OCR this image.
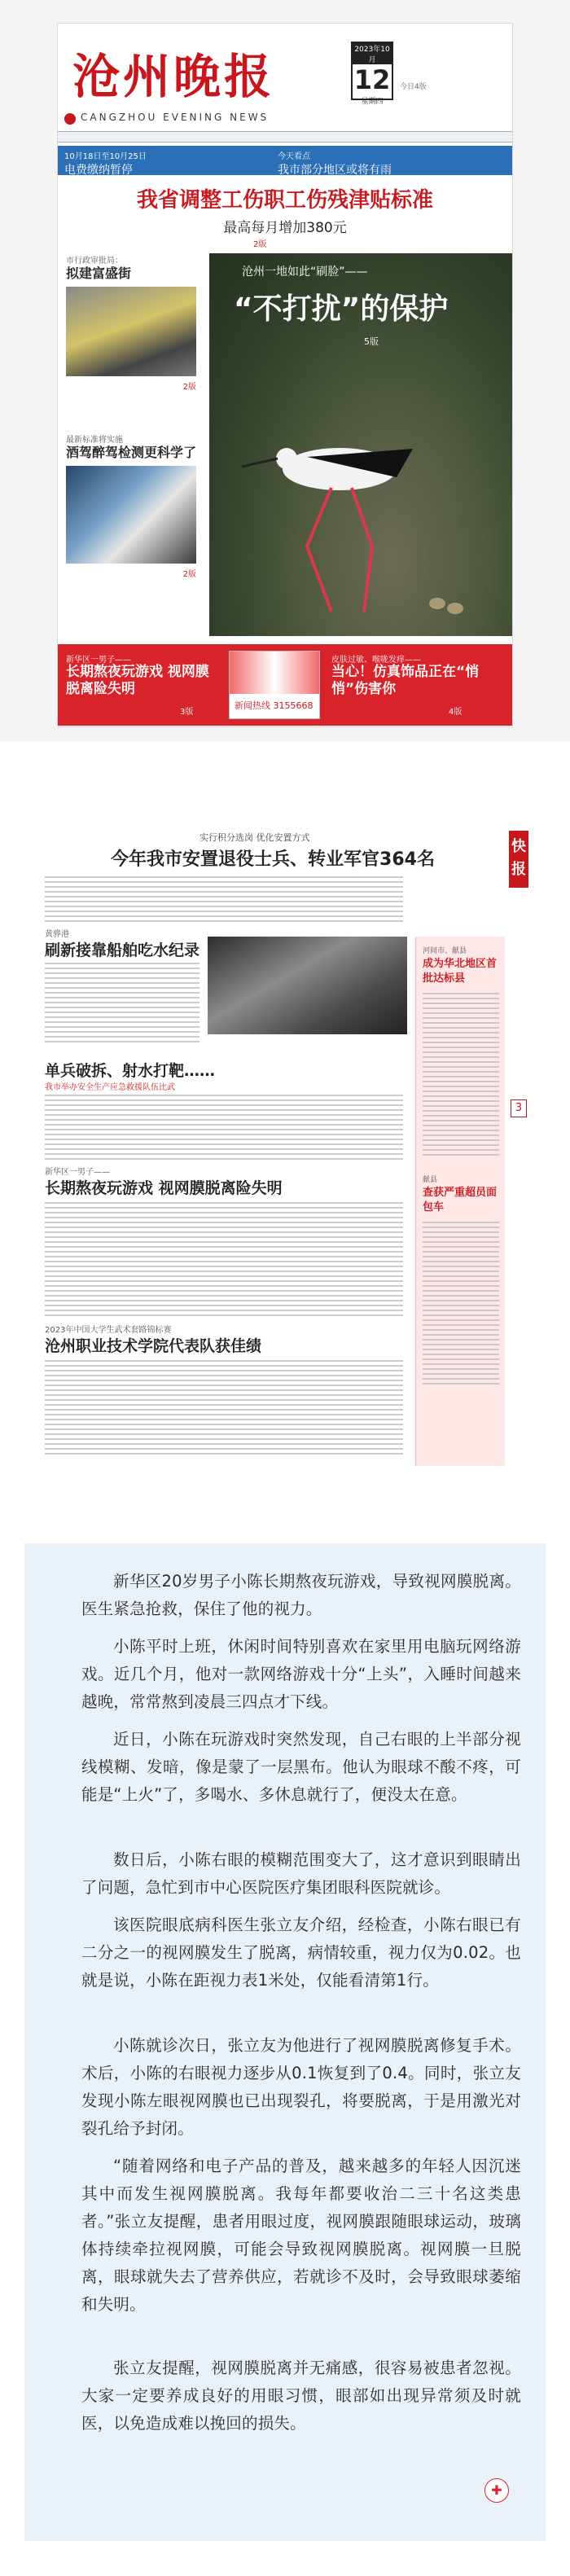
沧州晚报
CANGZHOU EVENING NEWS
2023年10月
12
星期四
今日4版
10月18日至10月25日
电费缴纳暂停
今天看点
我市部分地区或将有雨
我省调整工伤职工伤残津贴标准
最高每月增加380元
2版
市行政审批局：
拟建富盛街
2版
最新标准将实施
酒驾醉驾检测更科学了
2版
沧州一地如此“刷脸”——
“不打扰”的保护
5版
新华区一男子——
长期熬夜玩游戏 视网膜脱离险失明
3版
新闻热线 3155668
皮肤过敏、喉咙发痒——
当心！仿真饰品正在“悄悄”伤害你
4版
实行积分选岗 优化安置方式
今年我市安置退役士兵、转业军官364名
快报
黄骅港
刷新接靠船舶吃水纪录
单兵破拆、射水打靶……
我市举办安全生产应急救援队伍比武
新华区一男子——
长期熬夜玩游戏 视网膜脱离险失明
2023年中国大学生武术套路锦标赛
沧州职业技术学院代表队获佳绩
河间市、献县
成为华北地区首批达标县
献县
查获严重超员面包车
3
新华区20岁男子小陈长期熬夜玩游戏，导致视网膜脱离。医生紧急抢救，保住了他的视力。
小陈平时上班，休闲时间特别喜欢在家里用电脑玩网络游戏。近几个月，他对一款网络游戏十分“上头”，入睡时间越来越晚，常常熬到凌晨三四点才下线。
近日，小陈在玩游戏时突然发现，自己右眼的上半部分视线模糊、发暗，像是蒙了一层黑布。他认为眼球不酸不疼，可能是“上火”了，多喝水、多休息就行了，便没太在意。
数日后，小陈右眼的模糊范围变大了，这才意识到眼睛出了问题，急忙到市中心医院医疗集团眼科医院就诊。
该医院眼底病科医生张立友介绍，经检查，小陈右眼已有二分之一的视网膜发生了脱离，病情较重，视力仅为0.02。也就是说，小陈在距视力表1米处，仅能看清第1行。
小陈就诊次日，张立友为他进行了视网膜脱离修复手术。术后，小陈的右眼视力逐步从0.1恢复到了0.4。同时，张立友发现小陈左眼视网膜也已出现裂孔，将要脱离，于是用激光对裂孔给予封闭。
“随着网络和电子产品的普及，越来越多的年轻人因沉迷其中而发生视网膜脱离。我每年都要收治二三十名这类患者。”张立友提醒，患者用眼过度，视网膜跟随眼球运动，玻璃体持续牵拉视网膜，可能会导致视网膜脱离。视网膜一旦脱离，眼球就失去了营养供应，若就诊不及时，会导致眼球萎缩和失明。
张立友提醒，视网膜脱离并无痛感，很容易被患者忽视。大家一定要养成良好的用眼习惯，眼部如出现异常须及时就医，以免造成难以挽回的损失。
✚
